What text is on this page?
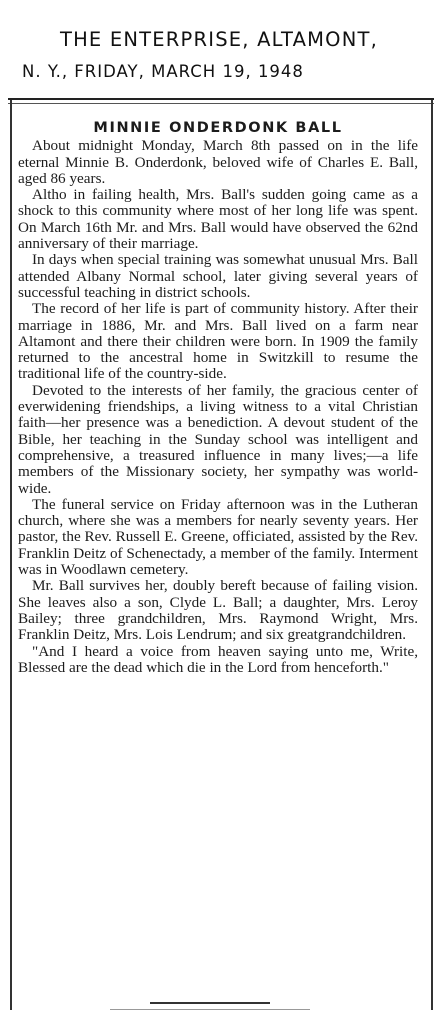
THE ENTERPRISE, ALTAMONT,
N. Y., FRIDAY, MARCH 19, 1948
MINNIE ONDERDONK BALL

About midnight Monday, March 8th passed on in the life eternal Minnie B. Onderdonk, beloved wife of Charles E. Ball, aged 86 years.

Altho in failing health, Mrs. Ball's sudden going came as a shock to this community where most of her long life was spent. On March 16th Mr. and Mrs. Ball would have observed the 62nd anniversary of their marriage.

In days when special training was somewhat unusual Mrs. Ball attended Albany Normal school, later giving several years of successful teaching in district schools.

The record of her life is part of community history. After their marriage in 1886, Mr. and Mrs. Ball lived on a farm near Altamont and there their children were born. In 1909 the family returned to the ancestral home in Switzkill to resume the traditional life of the country-side.

Devoted to the interests of her family, the gracious center of everwidening friendships, a living witness to a vital Christian faith—her presence was a benediction. A devout student of the Bible, her teaching in the Sunday school was intelligent and comprehensive, a treasured influence in many lives;—a life members of the Missionary society, her sympathy was world-wide.

The funeral service on Friday afternoon was in the Lutheran church, where she was a members for nearly seventy years. Her pastor, the Rev. Russell E. Greene, officiated, assisted by the Rev. Franklin Deitz of Schenectady, a member of the family. Interment was in Woodlawn cemetery.

Mr. Ball survives her, doubly bereft because of failing vision. She leaves also a son, Clyde L. Ball; a daughter, Mrs. Leroy Bailey; three grandchildren, Mrs. Raymond Wright, Mrs. Franklin Deitz, Mrs. Lois Lendrum; and six greatgrandchildren.

"And I heard a voice from heaven saying unto me, Write, Blessed are the dead which die in the Lord from henceforth."
